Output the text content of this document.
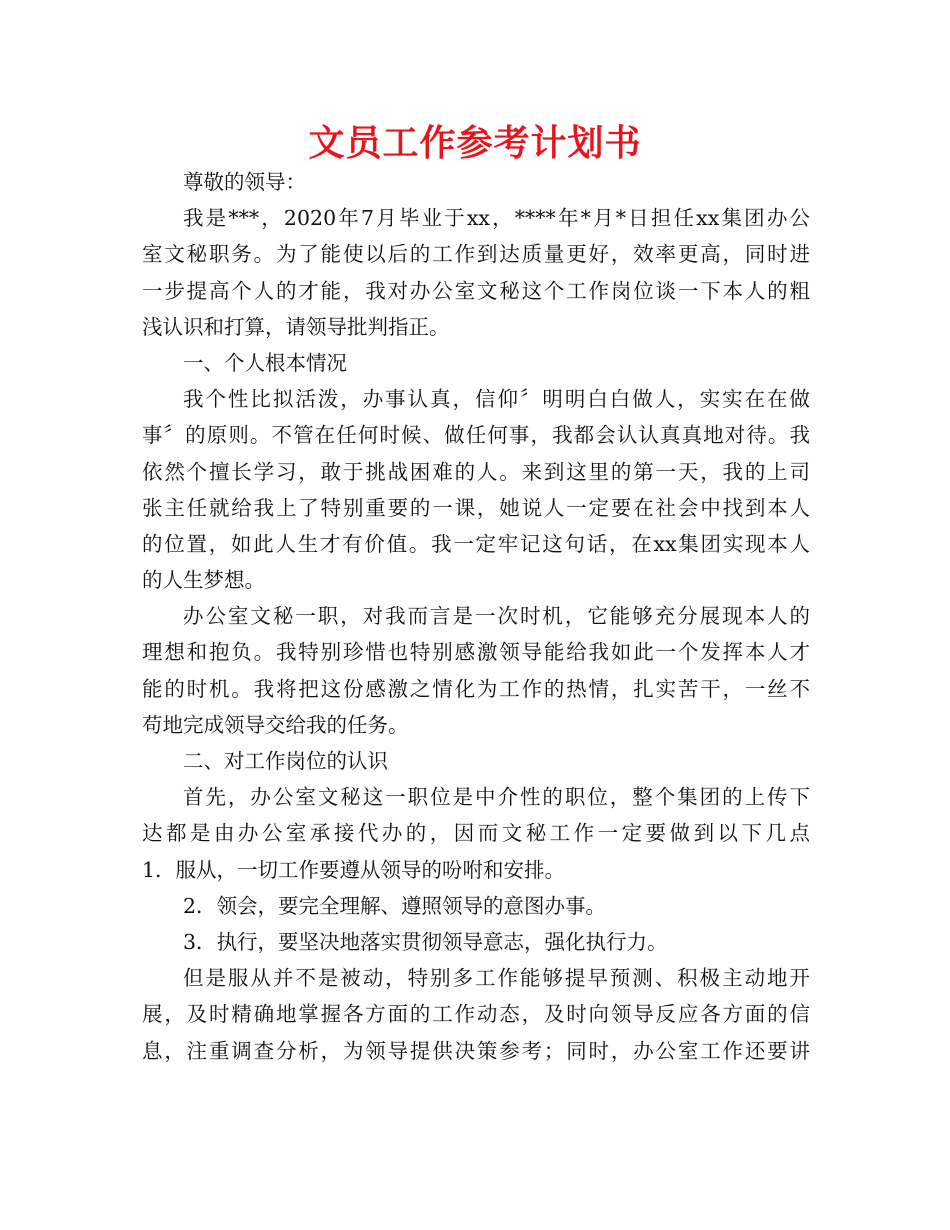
文员工作参考计划书
尊敬的领导：
我是***，2020年7月毕业于xx，****年*月*日担任xx集团办公
室文秘职务。为了能使以后的工作到达质量更好，效率更高，同时进
一步提高个人的才能，我对办公室文秘这个工作岗位谈一下本人的粗
浅认识和打算，请领导批判指正。
一、个人根本情况
我个性比拟活泼，办事认真，信仰〞明明白白做人，实实在在做
事〞的原则。不管在任何时候、做任何事，我都会认认真真地对待。我
依然个擅长学习，敢于挑战困难的人。来到这里的第一天，我的上司
张主任就给我上了特别重要的一课，她说人一定要在社会中找到本人
的位置，如此人生才有价值。我一定牢记这句话，在xx集团实现本人
的人生梦想。
办公室文秘一职，对我而言是一次时机，它能够充分展现本人的
理想和抱负。我特别珍惜也特别感激领导能给我如此一个发挥本人才
能的时机。我将把这份感激之情化为工作的热情，扎实苦干，一丝不
苟地完成领导交给我的任务。
二、对工作岗位的认识
首先，办公室文秘这一职位是中介性的职位，整个集团的上传下
达都是由办公室承接代办的，因而文秘工作一定要做到以下几点
1．服从，一切工作要遵从领导的吩咐和安排。
2．领会，要完全理解、遵照领导的意图办事。
3．执行，要坚决地落实贯彻领导意志，强化执行力。
但是服从并不是被动，特别多工作能够提早预测、积极主动地开
展，及时精确地掌握各方面的工作动态，及时向领导反应各方面的信
息，注重调查分析，为领导提供决策参考；同时，办公室工作还要讲
